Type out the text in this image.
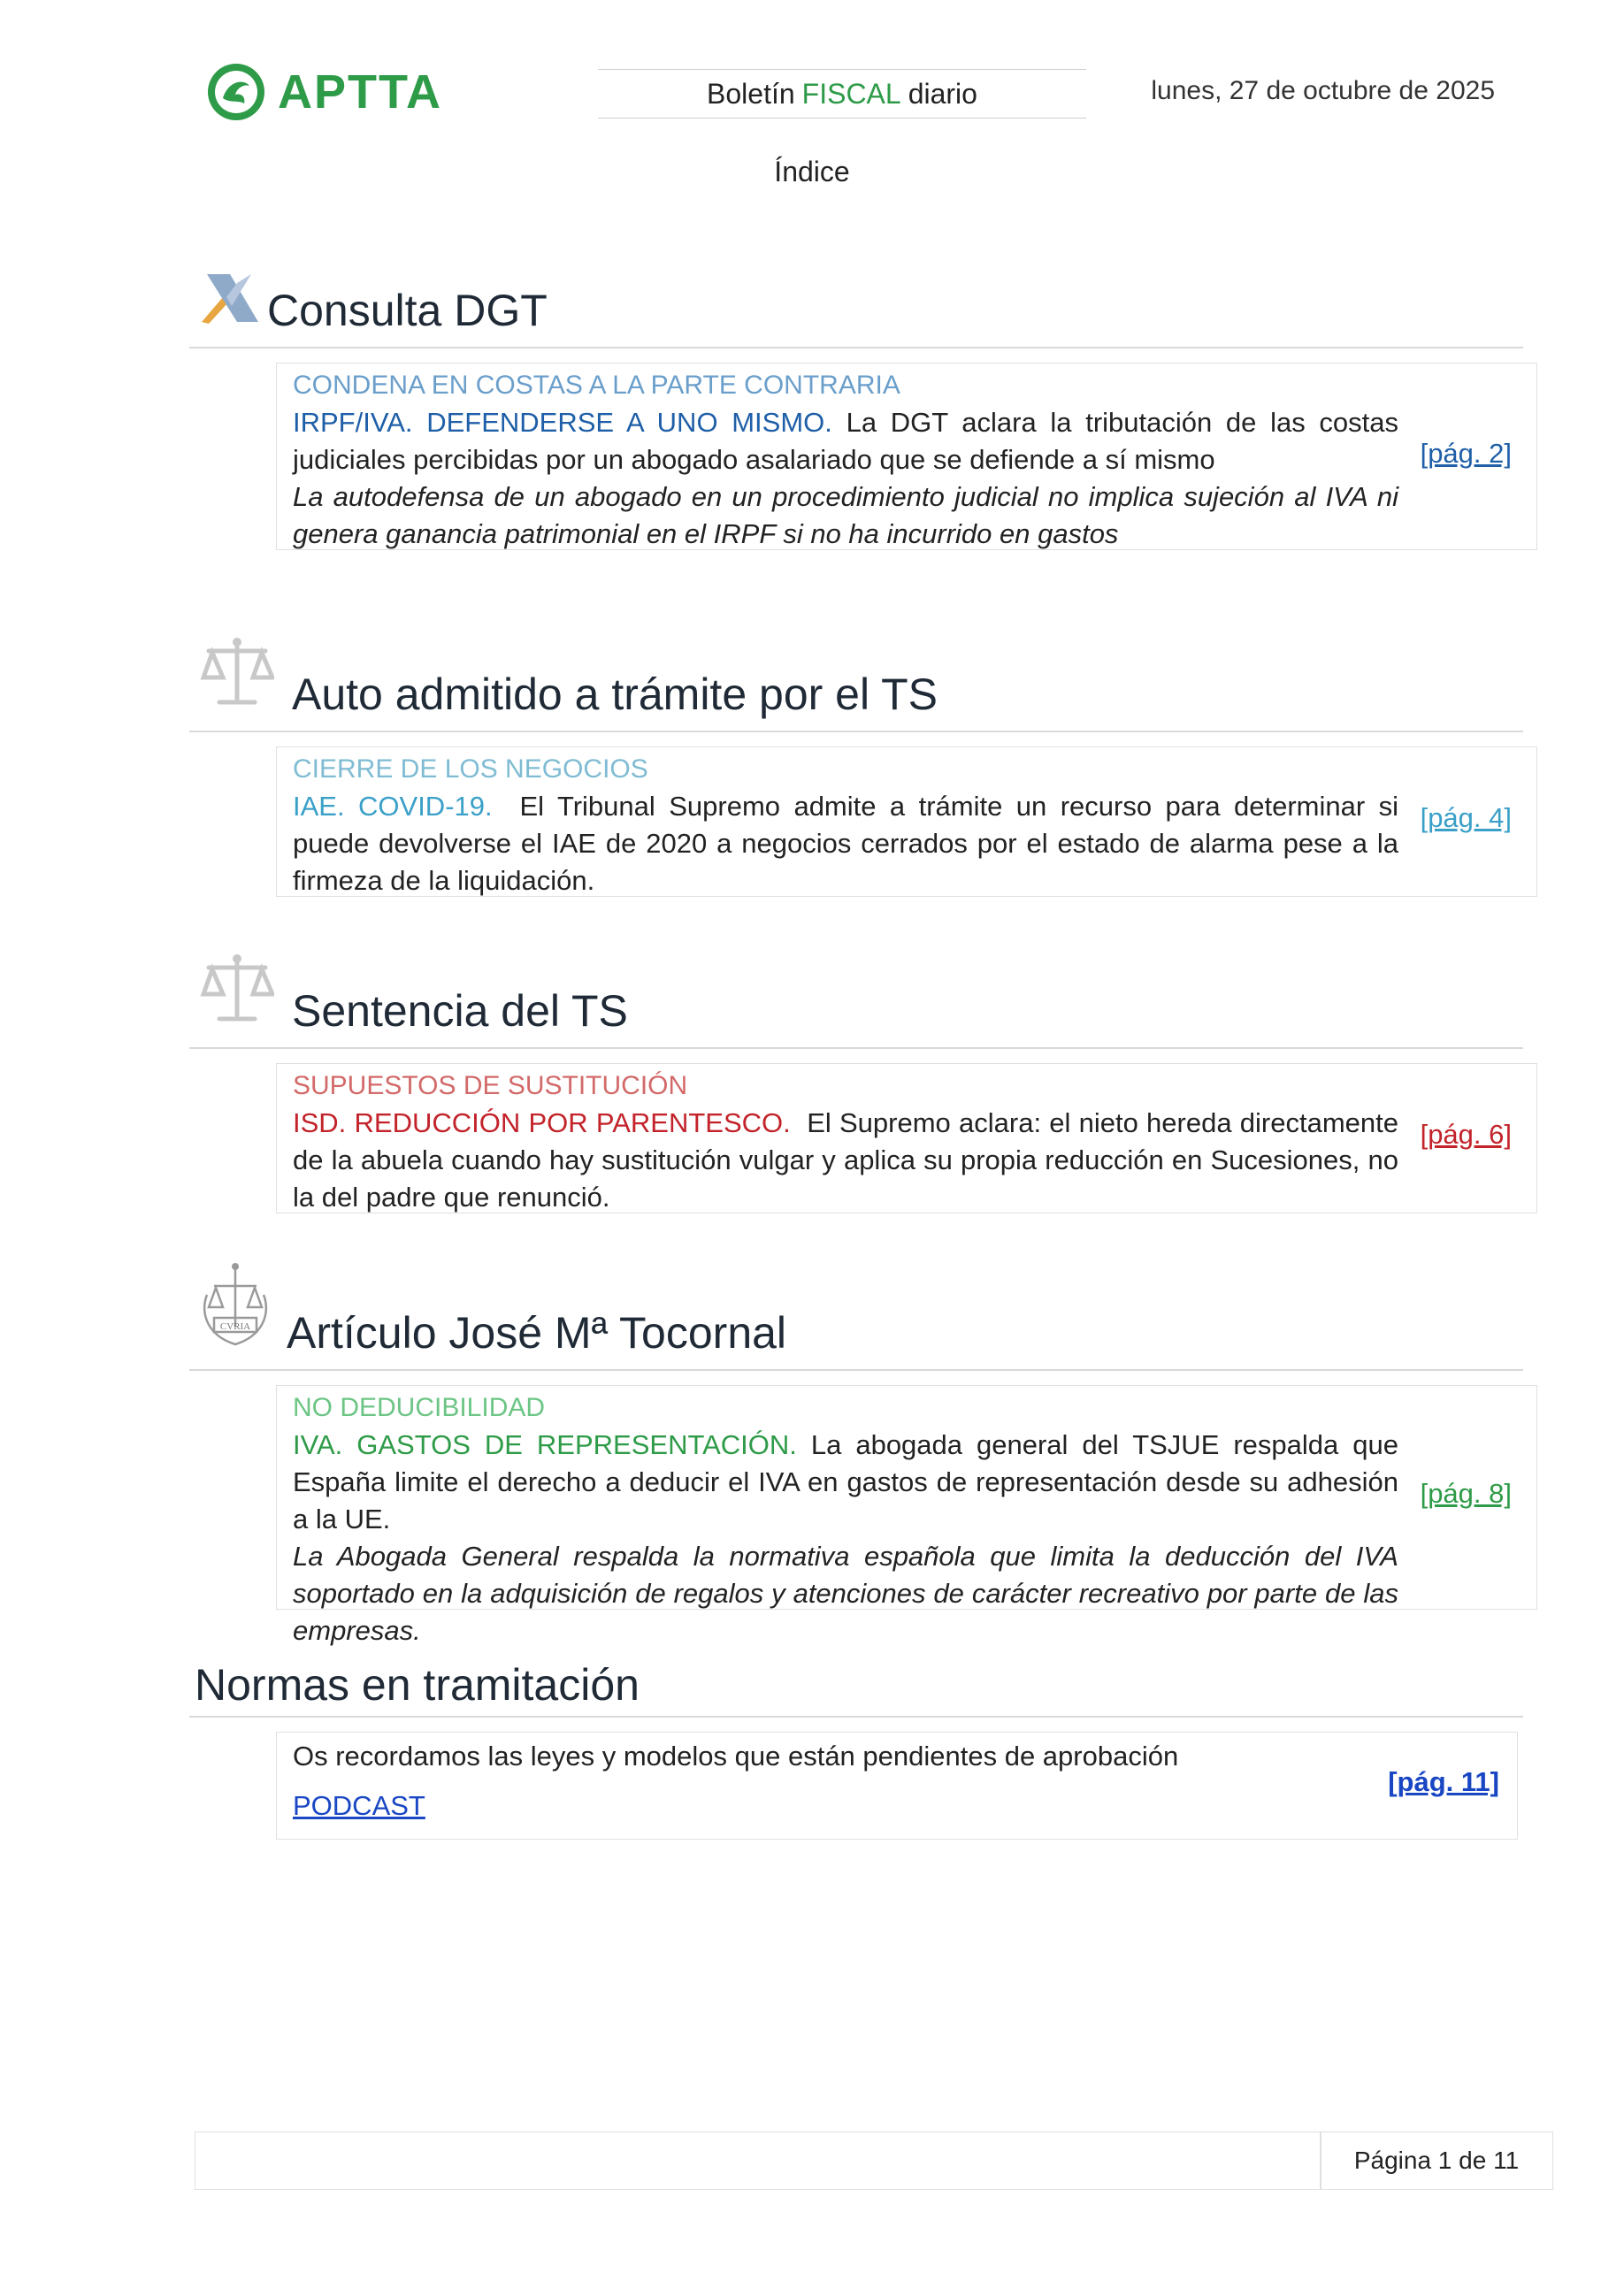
APTTA	Boletín FISCAL diario	lunes, 27 de octubre de 2025
Índice
Consulta DGT
CONDENA EN COSTAS A LA PARTE CONTRARIA
IRPF/IVA. DEFENDERSE A UNO MISMO. La DGT aclara la tributación de las costas judiciales percibidas por un abogado asalariado que se defiende a sí mismo
La autodefensa de un abogado en un procedimiento judicial no implica sujeción al IVA ni genera ganancia patrimonial en el IRPF si no ha incurrido en gastos
[pág. 2]
Auto admitido a trámite por el TS
CIERRE DE LOS NEGOCIOS
IAE. COVID-19. El Tribunal Supremo admite a trámite un recurso para determinar si puede devolverse el IAE de 2020 a negocios cerrados por el estado de alarma pese a la firmeza de la liquidación.
[pág. 4]
Sentencia del TS
SUPUESTOS DE SUSTITUCIÓN
ISD. REDUCCIÓN POR PARENTESCO. El Supremo aclara: el nieto hereda directamente de la abuela cuando hay sustitución vulgar y aplica su propia reducción en Sucesiones, no la del padre que renunció.
[pág. 6]
CVRIA Artículo José Mª Tocornal
NO DEDUCIBILIDAD
IVA. GASTOS DE REPRESENTACIÓN. La abogada general del TSJUE respalda que España limite el derecho a deducir el IVA en gastos de representación desde su adhesión a la UE.
La Abogada General respalda la normativa española que limita la deducción del IVA soportado en la adquisición de regalos y atenciones de carácter recreativo por parte de las empresas.
[pág. 8]
Normas en tramitación
Os recordamos las leyes y modelos que están pendientes de aprobación
PODCAST
[pág. 11]
Página 1 de 11
